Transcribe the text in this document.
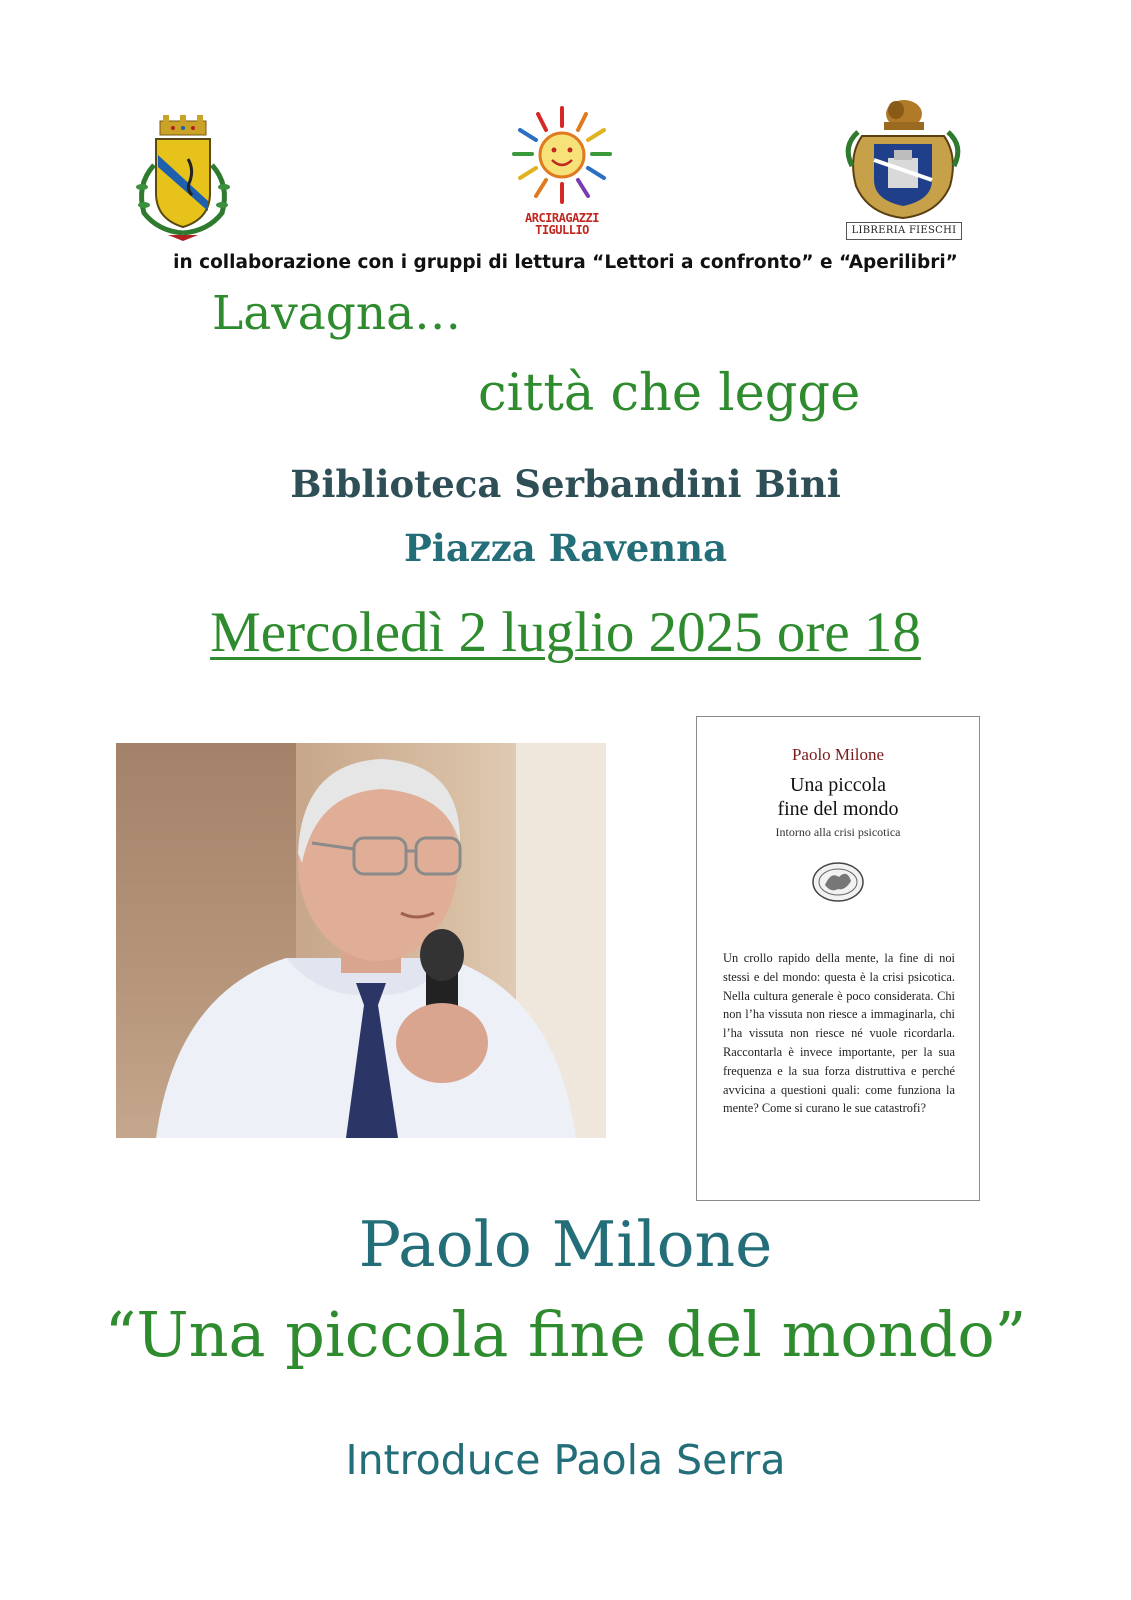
ARCIRAGAZZI
TIGULLIO	LIBRERIA FIESCHI
in collaborazione con i gruppi di lettura “Lettori a confronto” e “Aperilibri”
Lavagna…
città che legge
Biblioteca Serbandini Bini
Piazza Ravenna
Mercoledì 2 luglio 2025 ore 18
Paolo Milone
Una piccola
fine del mondo
Intorno alla crisi psicotica
Un crollo rapido della mente, la fine di noi stessi e del mondo: questa è la crisi psicotica. Nella cultura generale è poco considerata. Chi non l’ha vissuta non riesce a immaginarla, chi l’ha vissuta non riesce né vuole ricordarla. Raccontarla è invece importante, per la sua frequenza e la sua forza distruttiva e perché avvicina a questioni quali: come funziona la mente? Come si curano le sue catastrofi?
Paolo Milone
“Una piccola fine del mondo”
Introduce Paola Serra
